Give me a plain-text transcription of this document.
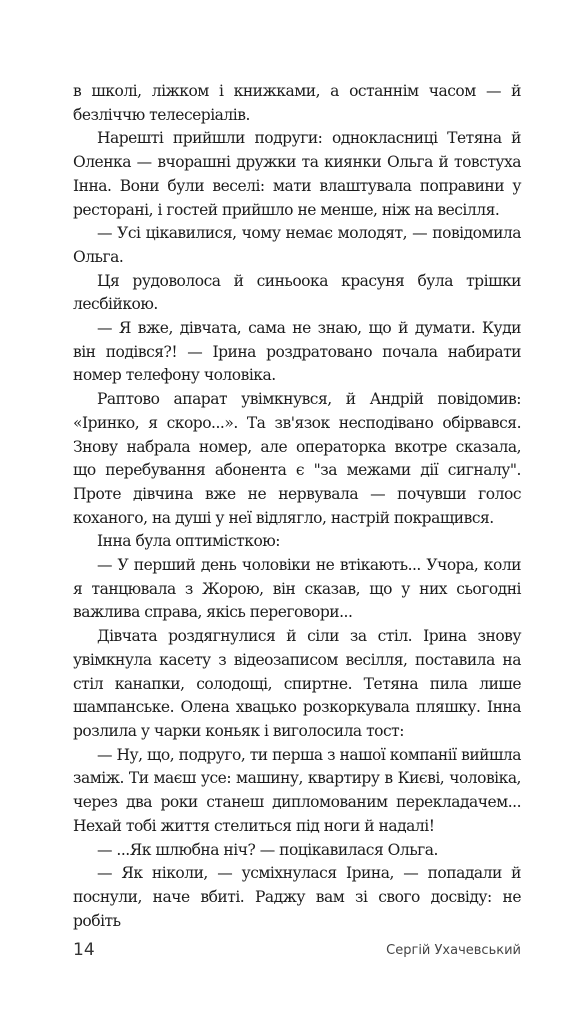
в школі, ліжком і книжками, а останнім часом — й безліччю телесеріалів.

Нарешті прийшли подруги: однокласниці Тетяна й Оленка — вчорашні дружки та киянки Ольга й товстуха Інна. Вони були веселі: мати влаштувала поправини у ресторані, і гостей прийшло не менше, ніж на весілля.

— Усі цікавилися, чому немає молодят, — повідомила Ольга.

Ця рудоволоса й синьоока красуня була трішки лесбійкою.

— Я вже, дівчата, сама не знаю, що й думати. Куди він подівся?! — Ірина роздратовано почала набирати номер телефону чоловіка.

Раптово апарат увімкнувся, й Андрій повідомив: «Іринко, я скоро...». Та зв'язок несподівано обірвався. Знову набрала номер, але операторка вкотре сказала, що перебування абонента є "за межами дії сигналу". Проте дівчина вже не нервувала — почувши голос коханого, на душі у неї відлягло, настрій покращився.

Інна була оптимісткою:

— У перший день чоловіки не втікають... Учора, коли я танцювала з Жорою, він сказав, що у них сьогодні важлива справа, якісь переговори...

Дівчата роздягнулися й сіли за стіл. Ірина знову увімкнула касету з відеозаписом весілля, поставила на стіл канапки, солодощі, спиртне. Тетяна пила лише шампанське. Олена хвацько розкоркувала пляшку. Інна розлила у чарки коньяк і виголосила тост:

— Ну, що, подруго, ти перша з нашої компанії вийшла заміж. Ти маєш усе: машину, квартиру в Києві, чоловіка, через два роки станеш дипломованим перекладачем... Нехай тобі життя стелиться під ноги й надалі!

— ...Як шлюбна ніч? — поцікавилася Ольга.

— Як ніколи, — усміхнулася Ірина, — попадали й поснули, наче вбиті. Раджу вам зі свого досвіду: не робіть

14	Сергій Ухачевський
